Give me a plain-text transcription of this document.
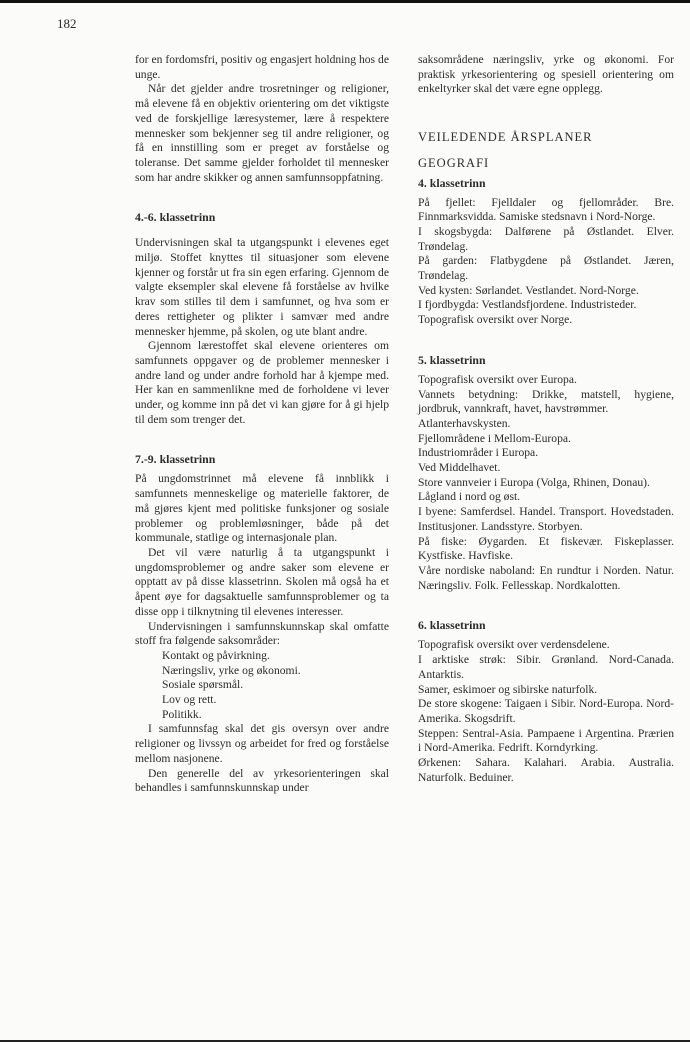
182

for en fordomsfri, positiv og engasjert holdning hos de unge.

Når det gjelder andre trosretninger og religioner, må elevene få en objektiv orientering om det viktigste ved de forskjellige læresystemer, lære å respektere mennesker som bekjenner seg til andre religioner, og få en innstilling som er preget av forståelse og toleranse. Det samme gjelder forholdet til mennesker som har andre skikker og annen samfunnsoppfatning.

4.-6. klassetrinn

Undervisningen skal ta utgangspunkt i elevenes eget miljø. Stoffet knyttes til situasjoner som elevene kjenner og forstår ut fra sin egen erfaring. Gjennom de valgte eksempler skal elevene få forståelse av hvilke krav som stilles til dem i samfunnet, og hva som er deres rettigheter og plikter i samvær med andre mennesker hjemme, på skolen, og ute blant andre.

Gjennom lærestoffet skal elevene orienteres om samfunnets oppgaver og de problemer mennesker i andre land og under andre forhold har å kjempe med. Her kan en sammenlikne med de forholdene vi lever under, og komme inn på det vi kan gjøre for å gi hjelp til dem som trenger det.

7.-9. klassetrinn

På ungdomstrinnet må elevene få innblikk i samfunnets menneskelige og materielle faktorer, de må gjøres kjent med politiske funksjoner og sosiale problemer og problemløsninger, både på det kommunale, statlige og internasjonale plan.

Det vil være naturlig å ta utgangspunkt i ungdomsproblemer og andre saker som elevene er opptatt av på disse klassetrinn. Skolen må også ha et åpent øye for dagsaktuelle samfunnsproblemer og ta disse opp i tilknytning til elevenes interesser.

Undervisningen i samfunnskunnskap skal omfatte stoff fra følgende saksområder:

Kontakt og påvirkning.
Næringsliv, yrke og økonomi.
Sosiale spørsmål.
Lov og rett.
Politikk.

I samfunnsfag skal det gis oversyn over andre religioner og livssyn og arbeidet for fred og forståelse mellom nasjonene.

Den generelle del av yrkesorienteringen skal behandles i samfunnskunnskap under

saksområdene næringsliv, yrke og økonomi. For praktisk yrkesorientering og spesiell orientering om enkeltyrker skal det være egne opplegg.

VEILEDENDE ÅRSPLANER

GEOGRAFI

4. klassetrinn

På fjellet: Fjelldaler og fjellområder. Bre. Finnmarksvidda. Samiske stedsnavn i Nord-Norge.

I skogsbygda: Dalførene på Østlandet. Elver. Trøndelag.

På garden: Flatbygdene på Østlandet. Jæren, Trøndelag.

Ved kysten: Sørlandet. Vestlandet. Nord-Norge.

I fjordbygda: Vestlandsfjordene. Industristeder.

Topografisk oversikt over Norge.

5. klassetrinn

Topografisk oversikt over Europa.

Vannets betydning: Drikke, matstell, hygiene, jordbruk, vannkraft, havet, havstrømmer.

Atlanterhavskysten.

Fjellområdene i Mellom-Europa.

Industriområder i Europa.

Ved Middelhavet.

Store vannveier i Europa (Volga, Rhinen, Donau).

Lågland i nord og øst.

I byene: Samferdsel. Handel. Transport. Hovedstaden. Institusjoner. Landsstyre. Storbyen.

På fiske: Øygarden. Et fiskevær. Fiskeplasser. Kystfiske. Havfiske.

Våre nordiske naboland: En rundtur i Norden. Natur. Næringsliv. Folk. Fellesskap. Nordkalotten.

6. klassetrinn

Topografisk oversikt over verdensdelene.

I arktiske strøk: Sibir. Grønland. Nord-Canada. Antarktis.

Samer, eskimoer og sibirske naturfolk.

De store skogene: Taigaen i Sibir. Nord-Europa. Nord-Amerika. Skogsdrift.

Steppen: Sentral-Asia. Pampaene i Argentina. Prærien i Nord-Amerika. Fedrift. Korndyrking.

Ørkenen: Sahara. Kalahari. Arabia. Australia. Naturfolk. Beduiner.
